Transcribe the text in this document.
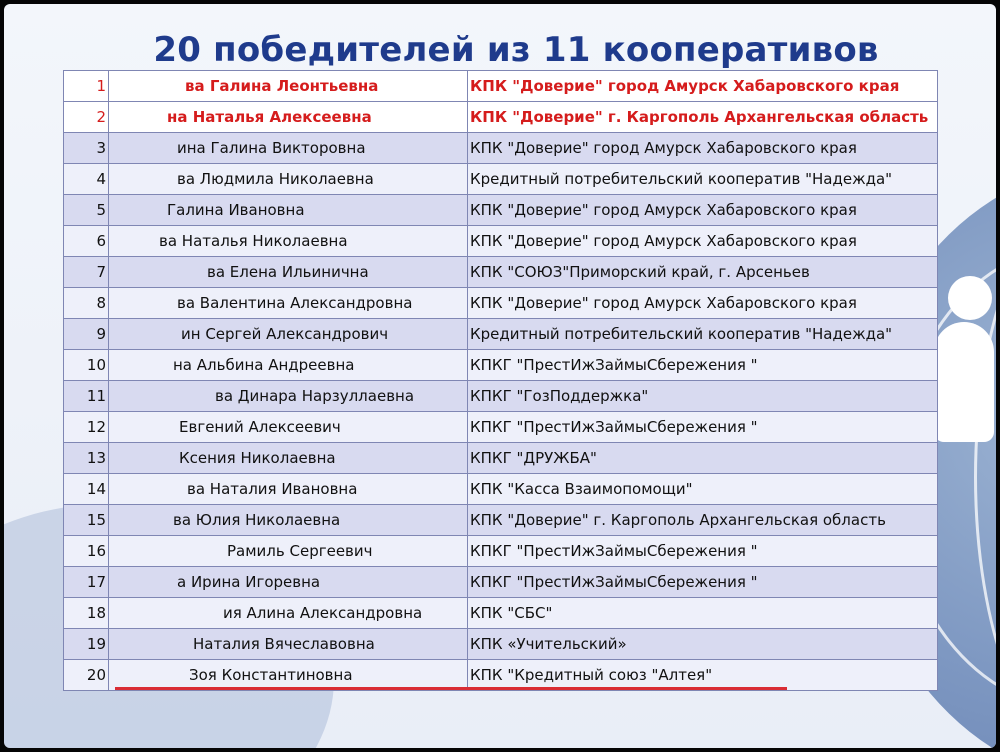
20 победителей из 11 кооперативов
1	ва Галина Леонтьевна	КПК "Доверие" город Амурск Хабаровского края
2	на Наталья Алексеевна	КПК "Доверие" г. Каргополь Архангельская область
3	ина Галина Викторовна	КПК "Доверие" город Амурск Хабаровского края
4	ва Людмила Николаевна	Кредитный потребительский кооператив "Надежда"
5	Галина Ивановна	КПК "Доверие" город Амурск Хабаровского края
6	ва Наталья Николаевна	КПК "Доверие" город Амурск Хабаровского края
7	ва Елена Ильинична	КПК "СОЮЗ"Приморский край, г. Арсеньев
8	ва Валентина Александровна	КПК "Доверие" город Амурск Хабаровского края
9	ин Сергей Александрович	Кредитный потребительский кооператив "Надежда"
10	на Альбина Андреевна	КПКГ "ПрестИжЗаймыСбережения "
11	ва Динара Нарзуллаевна	КПКГ "ГозПоддержка"
12	Евгений Алексеевич	КПКГ "ПрестИжЗаймыСбережения "
13	Ксения Николаевна	КПКГ "ДРУЖБА"
14	ва Наталия Ивановна	КПК "Касса Взаимопомощи"
15	ва Юлия Николаевна	КПК "Доверие" г. Каргополь Архангельская область
16	Рамиль Сергеевич	КПКГ "ПрестИжЗаймыСбережения "
17	а Ирина Игоревна	КПКГ "ПрестИжЗаймыСбережения "
18	ия Алина Александровна	КПК "СБС"
19	Наталия Вячеславовна	КПК «Учительский»
20	Зоя Константиновна	КПК "Кредитный союз "Алтея"
